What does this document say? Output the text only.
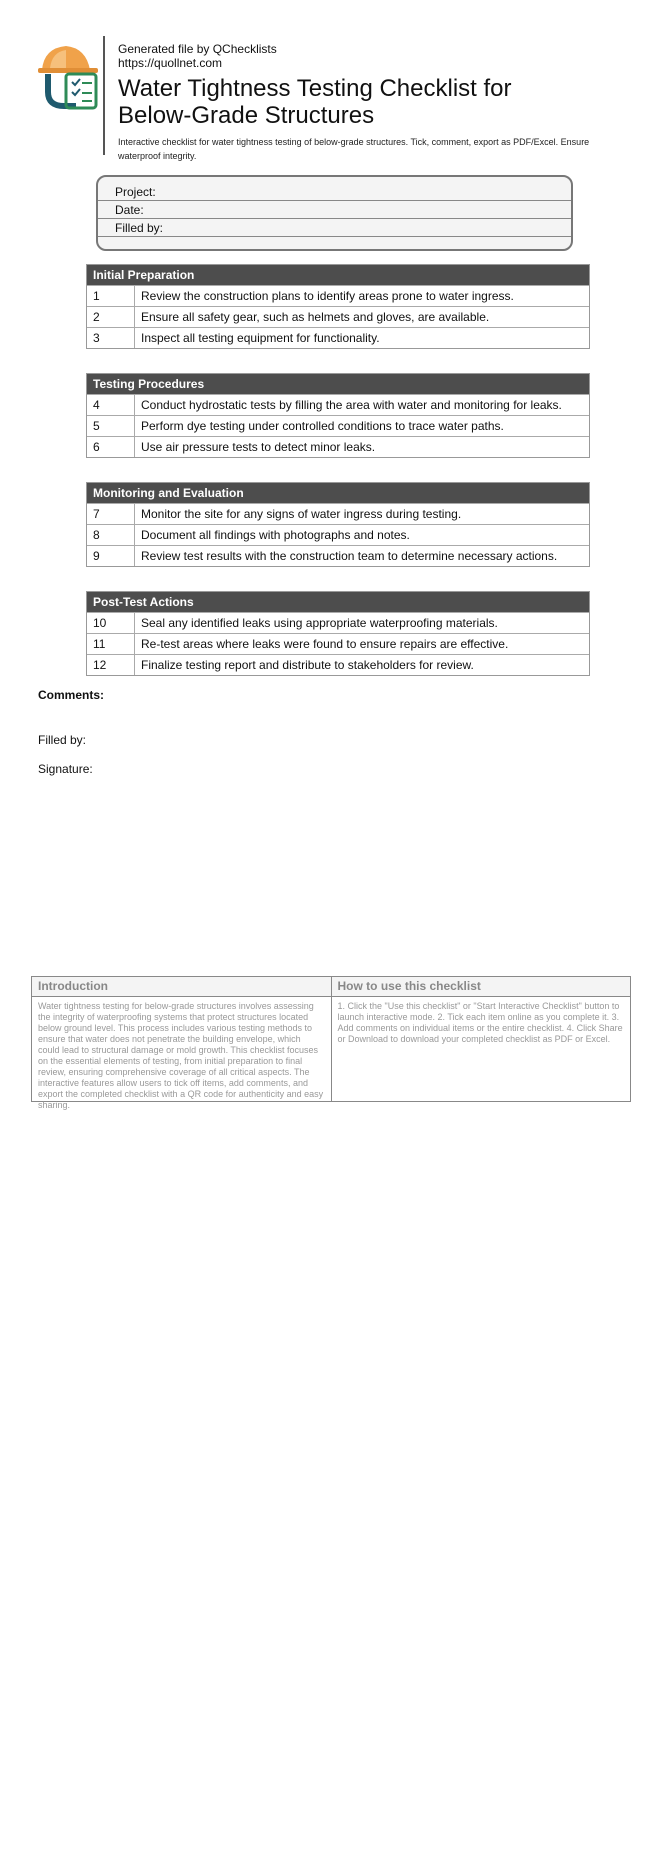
Generated file by QChecklists
https://quollnet.com
Water Tightness Testing Checklist for
Below-Grade Structures
Interactive checklist for water tightness testing of below-grade structures. Tick, comment, export as PDF/Excel. Ensure waterproof integrity.
Project:
Date:
Filled by:
Initial Preparation
1	Review the construction plans to identify areas prone to water ingress.
2	Ensure all safety gear, such as helmets and gloves, are available.
3	Inspect all testing equipment for functionality.
Testing Procedures
4	Conduct hydrostatic tests by filling the area with water and monitoring for leaks.
5	Perform dye testing under controlled conditions to trace water paths.
6	Use air pressure tests to detect minor leaks.
Monitoring and Evaluation
7	Monitor the site for any signs of water ingress during testing.
8	Document all findings with photographs and notes.
9	Review test results with the construction team to determine necessary actions.
Post-Test Actions
10	Seal any identified leaks using appropriate waterproofing materials.
11	Re-test areas where leaks were found to ensure repairs are effective.
12	Finalize testing report and distribute to stakeholders for review.
Comments:
Filled by:
Signature:
Introduction
Water tightness testing for below-grade structures involves assessing the integrity of waterproofing systems that protect structures located below ground level. This process includes various testing methods to ensure that water does not penetrate the building envelope, which could lead to structural damage or mold growth. This checklist focuses on the essential elements of testing, from initial preparation to final review, ensuring comprehensive coverage of all critical aspects. The interactive features allow users to tick off items, add comments, and export the completed checklist with a QR code for authenticity and easy sharing.
How to use this checklist
1. Click the "Use this checklist" or "Start Interactive Checklist" button to launch interactive mode. 2. Tick each item online as you complete it. 3. Add comments on individual items or the entire checklist. 4. Click Share or Download to download your completed checklist as PDF or Excel.
